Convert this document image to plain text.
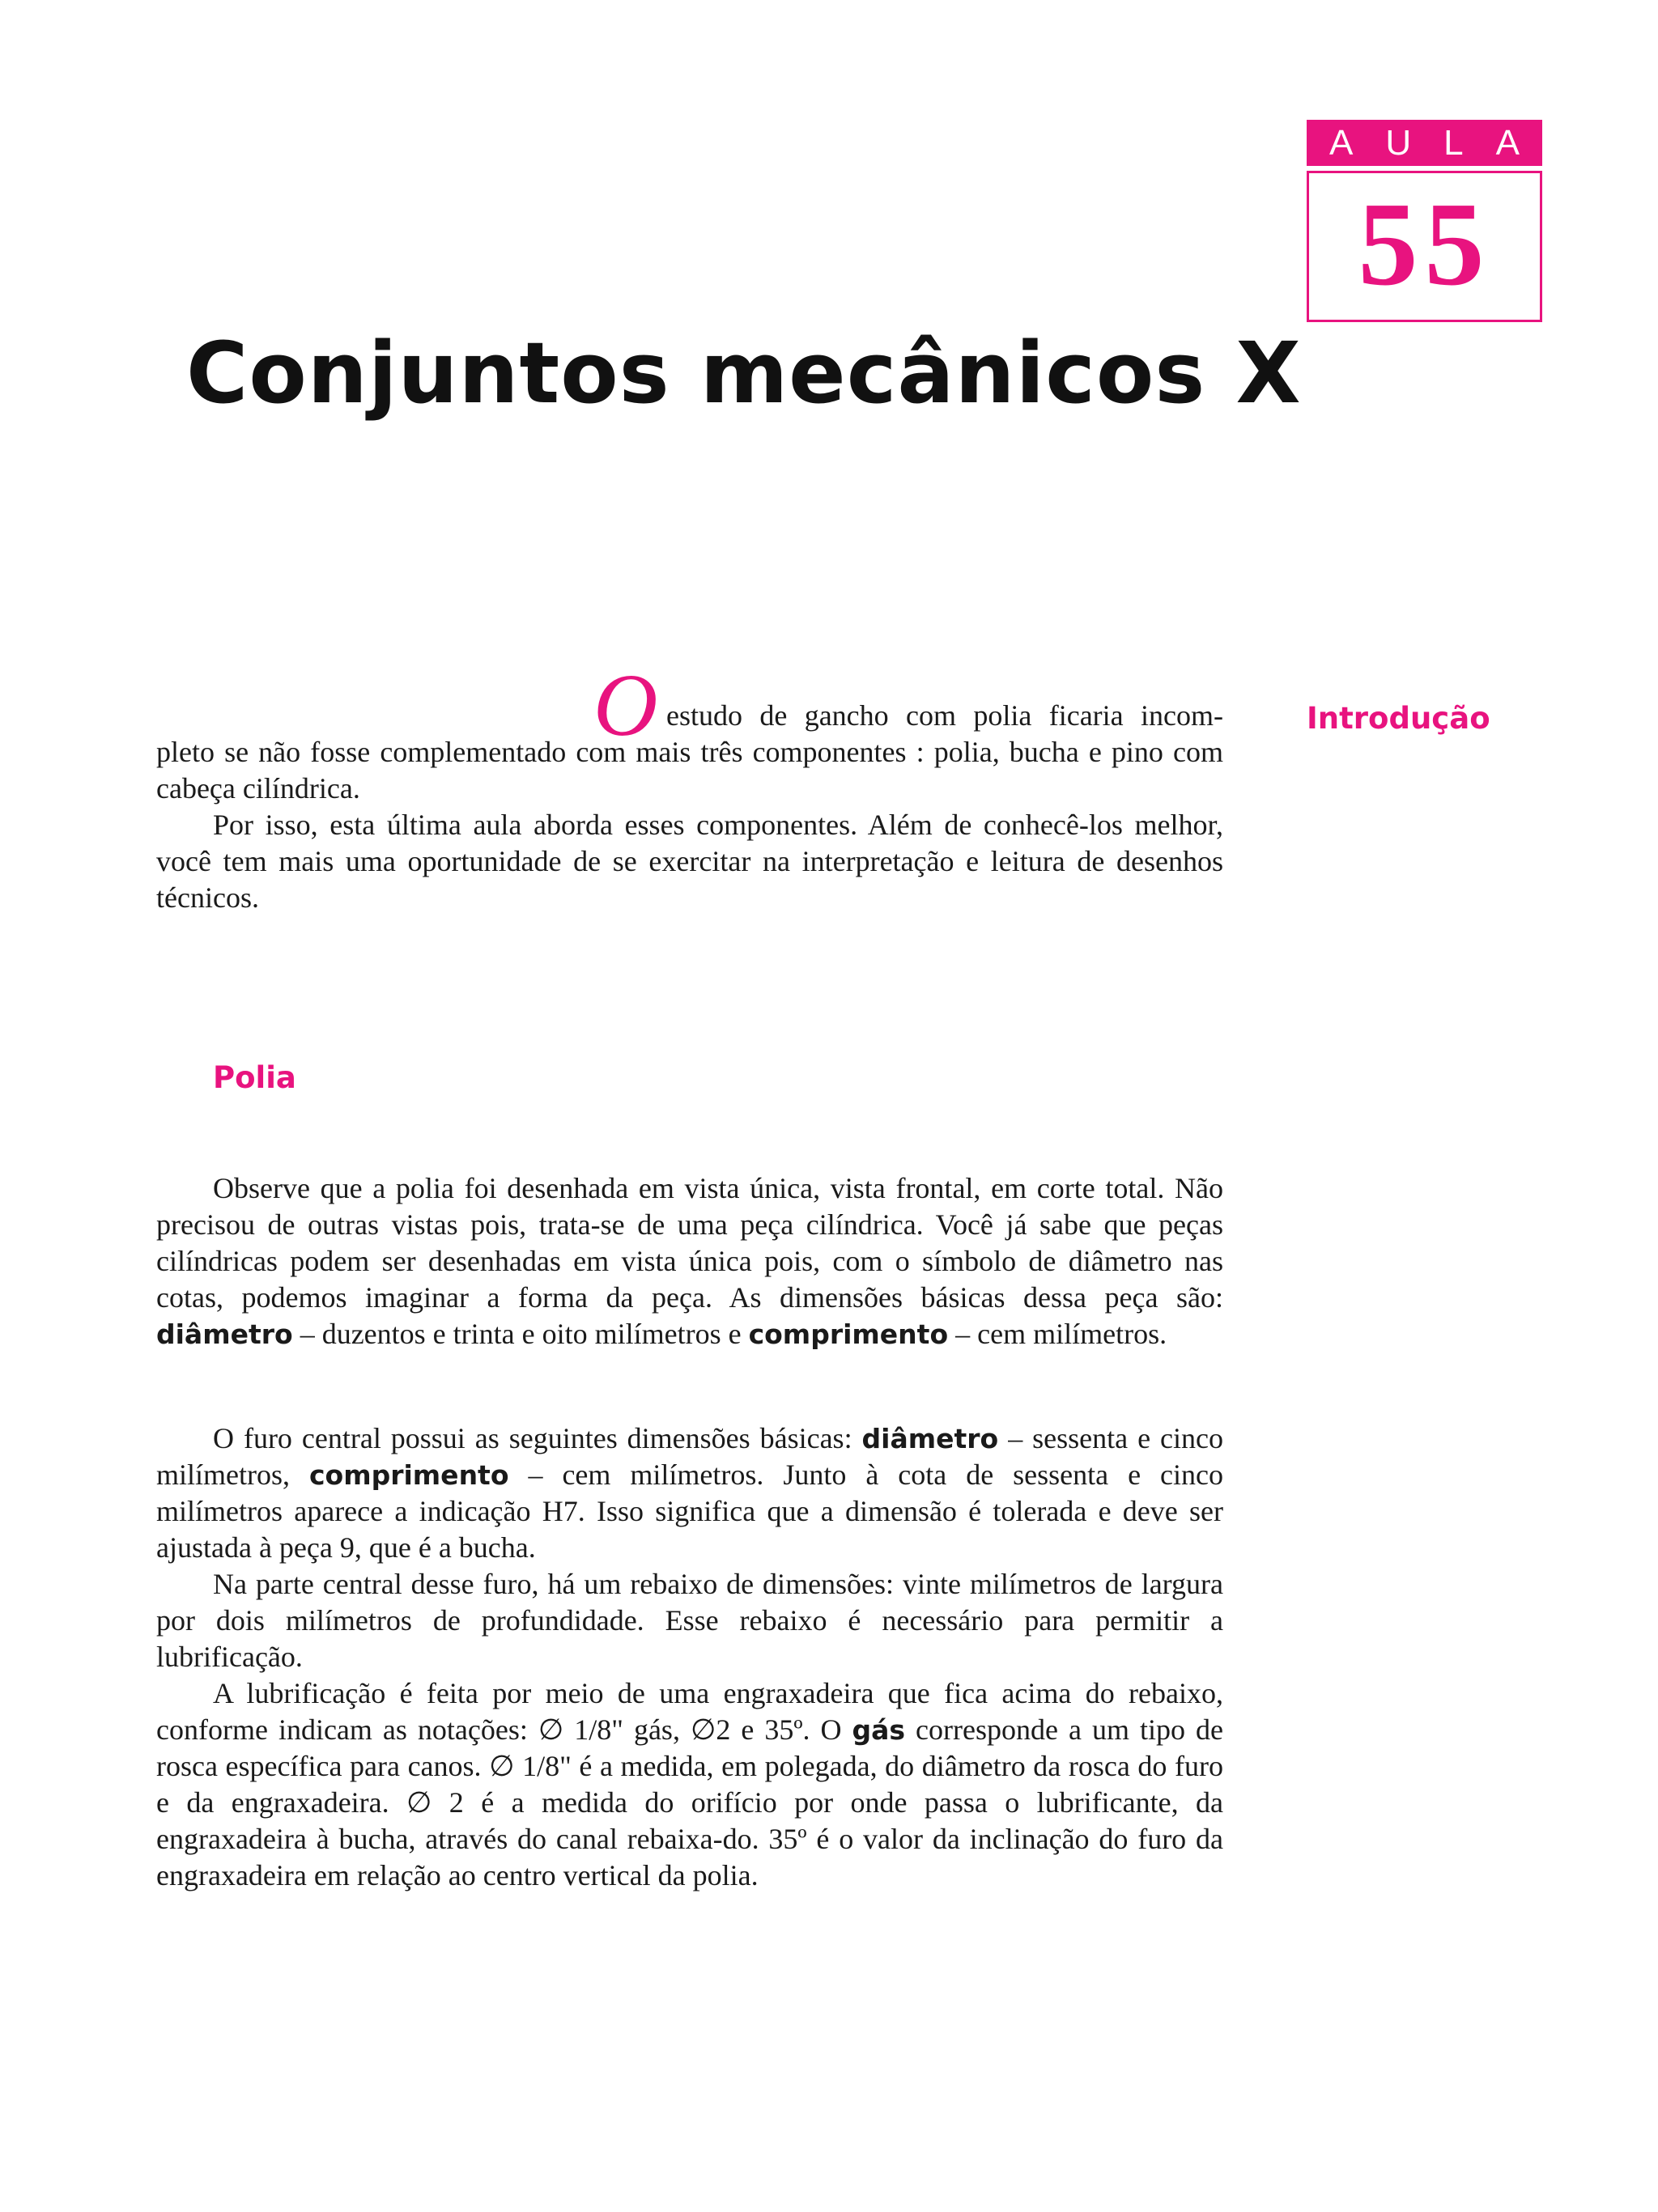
A U L A
55
Conjuntos mecânicos X
Introdução

O estudo de gancho com polia ficaria incom- pleto se não fosse complementado com mais três componentes : polia, bucha e pino com cabeça cilíndrica.

Por isso, esta última aula aborda esses componentes. Além de conhecê-los melhor, você tem mais uma oportunidade de se exercitar na interpretação e leitura de desenhos técnicos.

Polia

Observe que a polia foi desenhada em vista única, vista frontal, em corte total. Não precisou de outras vistas pois, trata-se de uma peça cilíndrica. Você já sabe que peças cilíndricas podem ser desenhadas em vista única pois, com o símbolo de diâmetro nas cotas, podemos imaginar a forma da peça. As dimensões básicas dessa peça são: diâmetro – duzentos e trinta e oito milímetros e comprimento – cem milímetros.

O furo central possui as seguintes dimensões básicas: diâmetro – sessenta e cinco milímetros, comprimento – cem milímetros. Junto à cota de sessenta e cinco milímetros aparece a indicação H7. Isso significa que a dimensão é tolerada e deve ser ajustada à peça 9, que é a bucha.

Na parte central desse furo, há um rebaixo de dimensões: vinte milímetros de largura por dois milímetros de profundidade. Esse rebaixo é necessário para permitir a lubrificação.

A lubrificação é feita por meio de uma engraxadeira que fica acima do rebaixo, conforme indicam as notações: ∅ 1/8" gás, ∅2 e 35º. O gás corresponde a um tipo de rosca específica para canos. ∅ 1/8" é a medida, em polegada, do diâmetro da rosca do furo e da engraxadeira. ∅ 2 é a medida do orifício por onde passa o lubrificante, da engraxadeira à bucha, através do canal rebaixa-do. 35º é o valor da inclinação do furo da engraxadeira em relação ao centro vertical da polia.
